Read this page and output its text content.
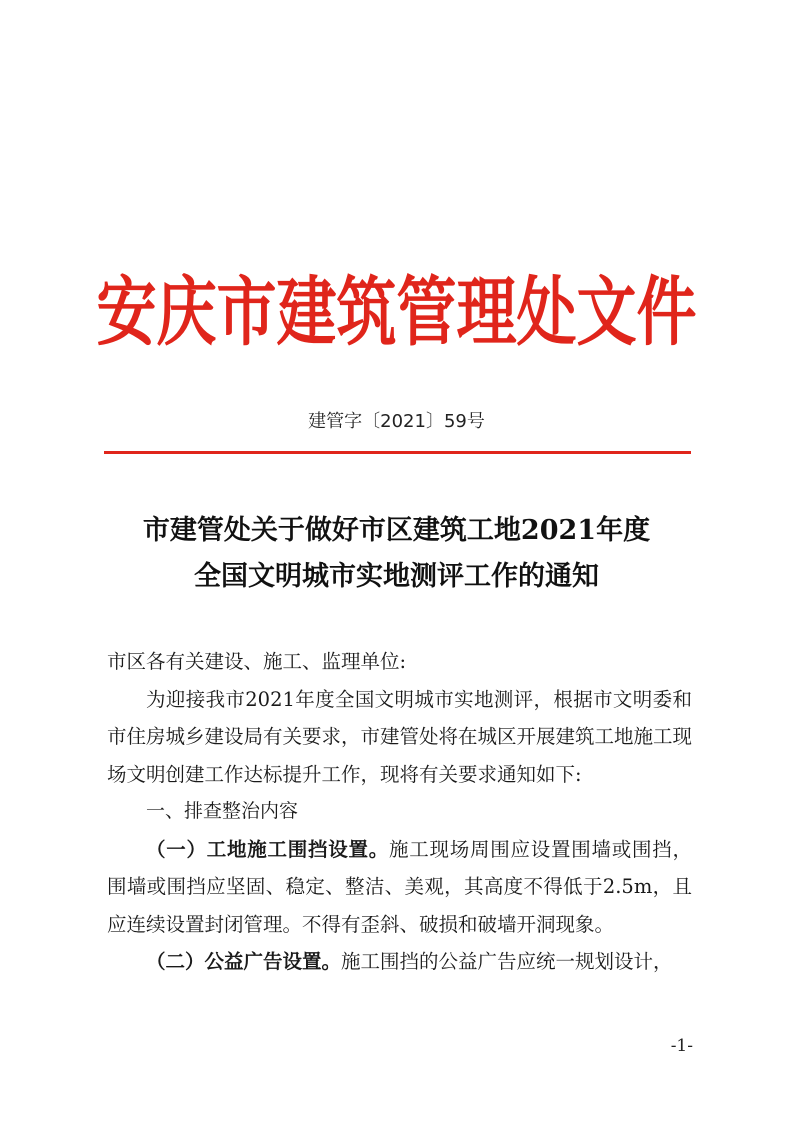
安庆市建筑管理处文件
建管字〔2021〕59号
市建管处关于做好市区建筑工地2021年度
全国文明城市实地测评工作的通知

市区各有关建设、施工、监理单位:

为迎接我市2021年度全国文明城市实地测评，根据市文明委和市住房城乡建设局有关要求，市建管处将在城区开展建筑工地施工现场文明创建工作达标提升工作，现将有关要求通知如下:

一、排查整治内容

（一）工地施工围挡设置。施工现场周围应设置围墙或围挡，围墙或围挡应坚固、稳定、整洁、美观，其高度不得低于2.5m，且应连续设置封闭管理。不得有歪斜、破损和破墙开洞现象。

（二）公益广告设置。施工围挡的公益广告应统一规划设计，

-1-
